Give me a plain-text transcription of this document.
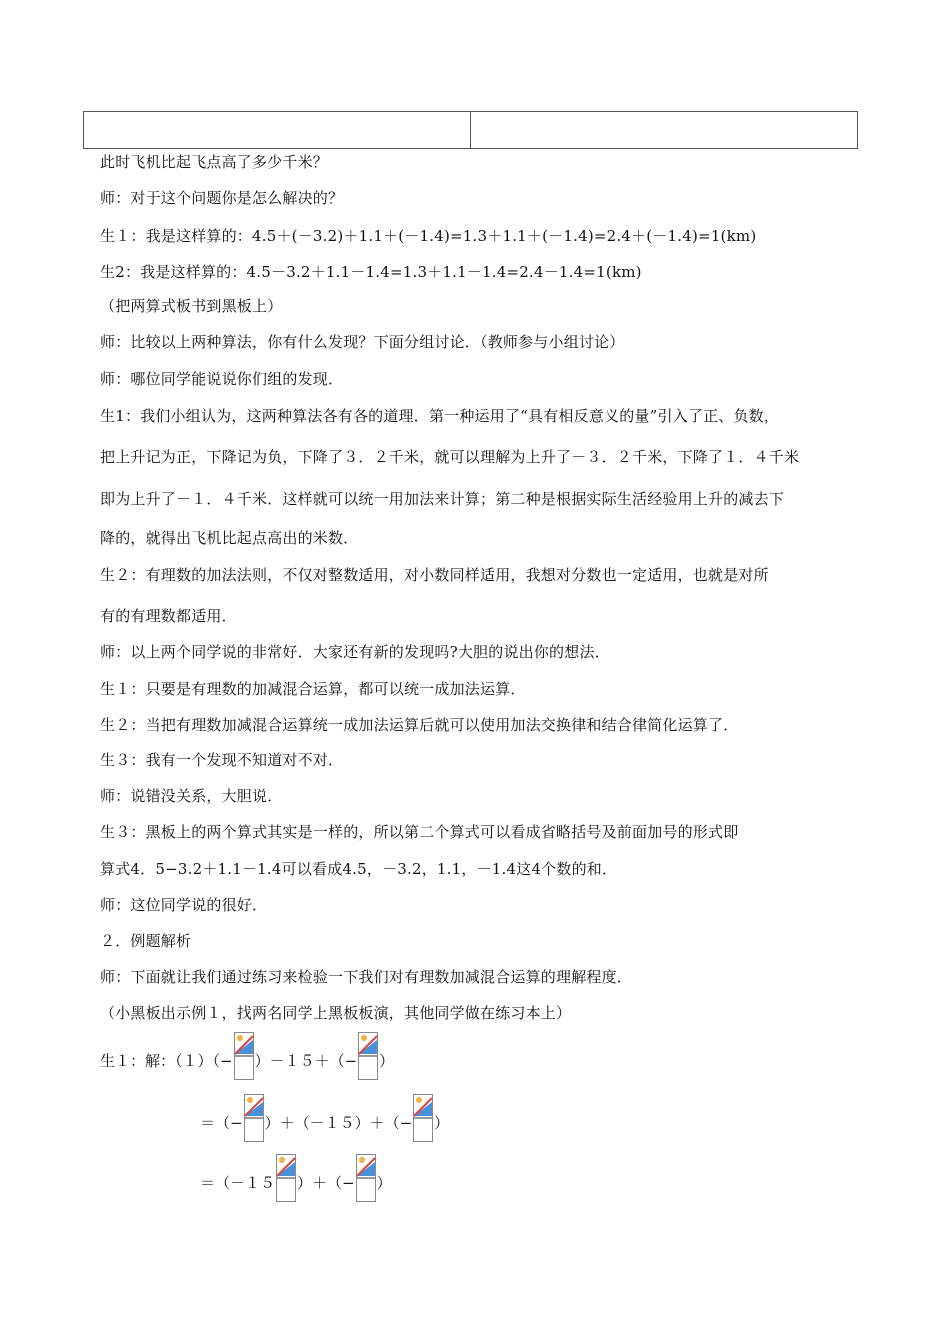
此时飞机比起飞点高了多少千米？
师：对于这个问题你是怎么解决的？
生１：我是这样算的：4.5＋(－3.2)＋1.1＋(－1.4)=1.3＋1.1＋(－1.4)=2.4＋(－1.4)=1(km)
生2：我是这样算的：4.5－3.2＋1.1－1.4=1.3＋1.1－1.4=2.4－1.4=1(km)
（把两算式板书到黑板上）
师：比较以上两种算法，你有什么发现？下面分组讨论．（教师参与小组讨论）
师：哪位同学能说说你们组的发现．
生1：我们小组认为，这两种算法各有各的道理．第一种运用了“具有相反意义的量”引入了正、负数，
把上升记为正，下降记为负，下降了３．２千米，就可以理解为上升了－３．２千米，下降了１．４千米
即为上升了－１．４千米．这样就可以统一用加法来计算；第二种是根据实际生活经验用上升的减去下
降的，就得出飞机比起点高出的米数．
生２：有理数的加法法则，不仅对整数适用，对小数同样适用，我想对分数也一定适用，也就是对所
有的有理数都适用．
师：以上两个同学说的非常好．大家还有新的发现吗?大胆的说出你的想法．
生１：只要是有理数的加减混合运算，都可以统一成加法运算．
生２：当把有理数加减混合运算统一成加法运算后就可以使用加法交换律和结合律简化运算了．
生３：我有一个发现不知道对不对．
师：说错没关系，大胆说．
生３：黑板上的两个算式其实是一样的，所以第二个算式可以看成省略括号及前面加号的形式即
算式4．5−3.2＋1.1－1.4可以看成4.5，－3.2，1.1，－1.4这4个数的和．
师：这位同学说的很好．
２．例题解析
师：下面就让我们通过练习来检验一下我们对有理数加减混合运算的理解程度．
（小黑板出示例１，找两名同学上黑板板演，其他同学做在练习本上）
生１：解：（１）（− ）－１５＋（− ）
＝（− ）＋（－１５）＋（− ）
＝（－１５ ）＋（− ）
